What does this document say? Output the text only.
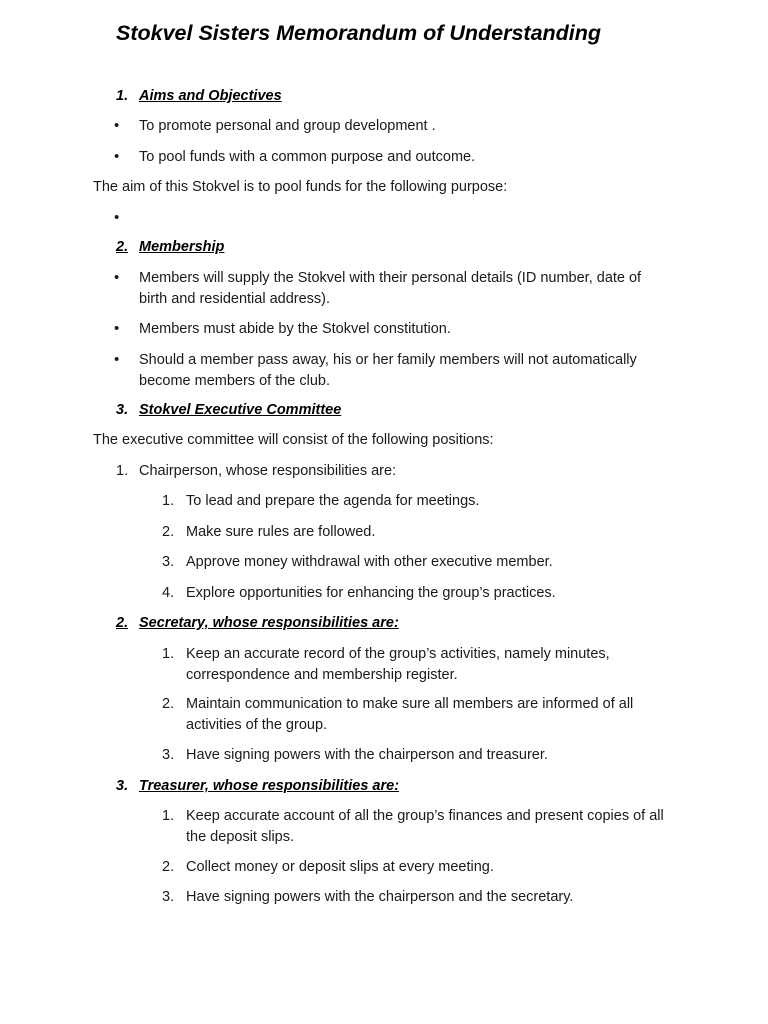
Stokvel Sisters Memorandum of Understanding
1. Aims and Objectives
• To promote personal and group development .
• To pool funds with a common purpose and outcome.
The aim of this Stokvel is to pool funds for the following purpose:
•
2. Membership
• Members will supply the Stokvel with their personal details (ID number, date of birth and residential address).
• Members must abide by the Stokvel constitution.
• Should a member pass away, his or her family members will not automatically become members of the club.
3. Stokvel Executive Committee
The executive committee will consist of the following positions:
1. Chairperson, whose responsibilities are:
1. To lead and prepare the agenda for meetings.
2. Make sure rules are followed.
3. Approve money withdrawal with other executive member.
4. Explore opportunities for enhancing the group’s practices.
2. Secretary, whose responsibilities are:
1. Keep an accurate record of the group’s activities, namely minutes, correspondence and membership register.
2. Maintain communication to make sure all members are informed of all activities of the group.
3. Have signing powers with the chairperson and treasurer.
3. Treasurer, whose responsibilities are:
1. Keep accurate account of all the group’s finances and present copies of all the deposit slips.
2. Collect money or deposit slips at every meeting.
3. Have signing powers with the chairperson and the secretary.
